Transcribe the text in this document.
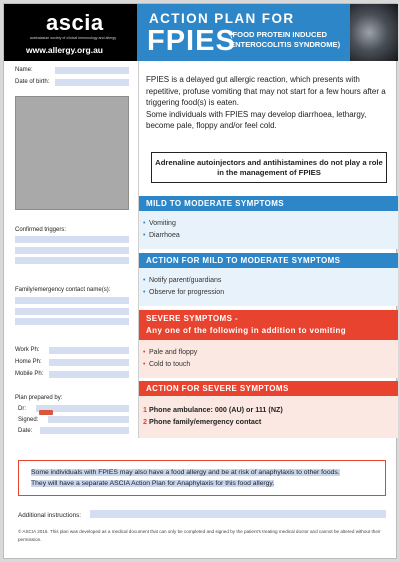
ascia
australasian society of clinical immunology and allergy
www.allergy.org.au
ACTION PLAN FOR
FPIES
(FOOD PROTEIN INDUCED
ENTEROCOLITIS SYNDROME)
Name:
Date of birth:
Confirmed triggers:
Family/emergency contact name(s):
Work Ph:
Home Ph:
Mobile Ph:
Plan prepared by:
Dr:
Signed:
Date:

FPIES is a delayed gut allergic reaction, which presents with repetitive, profuse vomiting that may not start for a few hours after a triggering food(s) is eaten.

Some individuals with FPIES may develop diarrhoea, lethargy, become pale, floppy and/or feel cold.

Adrenaline autoinjectors and antihistamines do not play a role in the management of FPIES
MILD TO MODERATE SYMPTOMS
• Vomiting
• Diarrhoea
ACTION FOR MILD TO MODERATE SYMPTOMS
• Notify parent/guardians
• Observe for progression
SEVERE SYMPTOMS -
Any one of the following in addition to vomiting
• Pale and floppy
• Cold to touch
ACTION FOR SEVERE SYMPTOMS
1 Phone ambulance: 000 (AU) or 111 (NZ)
2 Phone family/emergency contact
Some individuals with FPIES may also have a food allergy and be at risk of anaphylaxis to other foods.
They will have a separate ASCIA Action Plan for Anaphylaxis for this food allergy.
Additional instructions:
© ASCIA 2016. This plan was developed as a medical document that can only be completed and signed by the patient's treating medical doctor and cannot be altered without their permission.
